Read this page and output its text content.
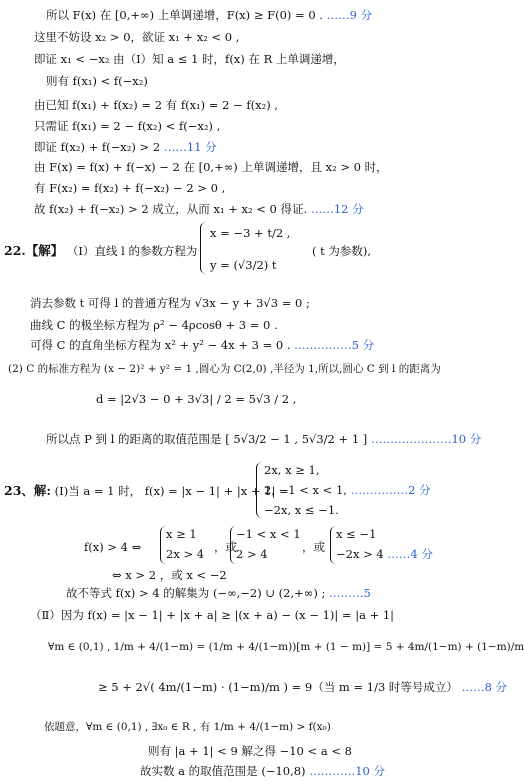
所以 F(x) 在 [0,+∞) 上单调递增，F(x) ≥ F(0) = 0 . ……9 分
这里不妨设 x₂ > 0，欲证 x₁ + x₂ < 0 ,
即证 x₁ < −x₂ 由（Ⅰ）知 a ≤ 1 时，f(x) 在 R 上单调递增，
则有 f(x₁) < f(−x₂)
由已知 f(x₁) + f(x₂) = 2 有 f(x₁) = 2 − f(x₂) ,
只需证 f(x₁) = 2 − f(x₂) < f(−x₂) ,
即证 f(x₂) + f(−x₂) > 2 ……11 分
由 F(x) = f(x) + f(−x) − 2 在 [0,+∞) 上单调递增，且 x₂ > 0 时，
有 F(x₂) = f(x₂) + f(−x₂) − 2 > 0 ,
故 f(x₂) + f(−x₂) > 2 成立，从而 x₁ + x₂ < 0 得证. ……12 分
22.【解】 （Ⅰ）直线 l 的参数方程为
x = −3 + t/2 ,
y = (√3/2) t
( t 为参数),
消去参数 t 可得 l 的普通方程为 √3x − y + 3√3 = 0 ;
曲线 C 的极坐标方程为 ρ² − 4ρcosθ + 3 = 0 .
可得 C 的直角坐标方程为 x² + y² − 4x + 3 = 0 . ……………5 分
(2) C 的标准方程为 (x − 2)² + y² = 1 ,圆心为 C(2,0) ,半径为 1,所以,圆心 C 到 l 的距离为
d = |2√3 − 0 + 3√3| / 2 = 5√3 / 2 ,
所以点 P 到 l 的距离的取值范围是 [ 5√3/2 − 1 , 5√3/2 + 1 ] …………………10 分
23、解: (Ⅰ)当 a = 1 时， f(x) = |x − 1| + |x + 1| =
2x, x ≥ 1,
2, −1 < x < 1, ……………2 分
−2x, x ≤ −1.
f(x) > 4 ⇔
x ≥ 1
2x > 4 ，或
−1 < x < 1
2 > 4	，或
x ≤ −1
−2x > 4 ……4 分
⇔ x > 2 ，或 x < −2
故不等式 f(x) > 4 的解集为 (−∞,−2) ∪ (2,+∞) ; ………5
（Ⅱ）因为 f(x) = |x − 1| + |x + a| ≥ |(x + a) − (x − 1)| = |a + 1|
∀m ∈ (0,1) , 1/m + 4/(1−m) = (1/m + 4/(1−m))[m + (1 − m)] = 5 + 4m/(1−m) + (1−m)/m
≥ 5 + 2√( 4m/(1−m) · (1−m)/m ) = 9（当 m = 1/3 时等号成立） ……8 分
依题意，∀m ∈ (0,1) , ∃x₀ ∈ R , 有 1/m + 4/(1−m) > f(x₀)
则有 |a + 1| < 9 解之得 −10 < a < 8
故实数 a 的取值范围是 (−10,8) …………10 分
